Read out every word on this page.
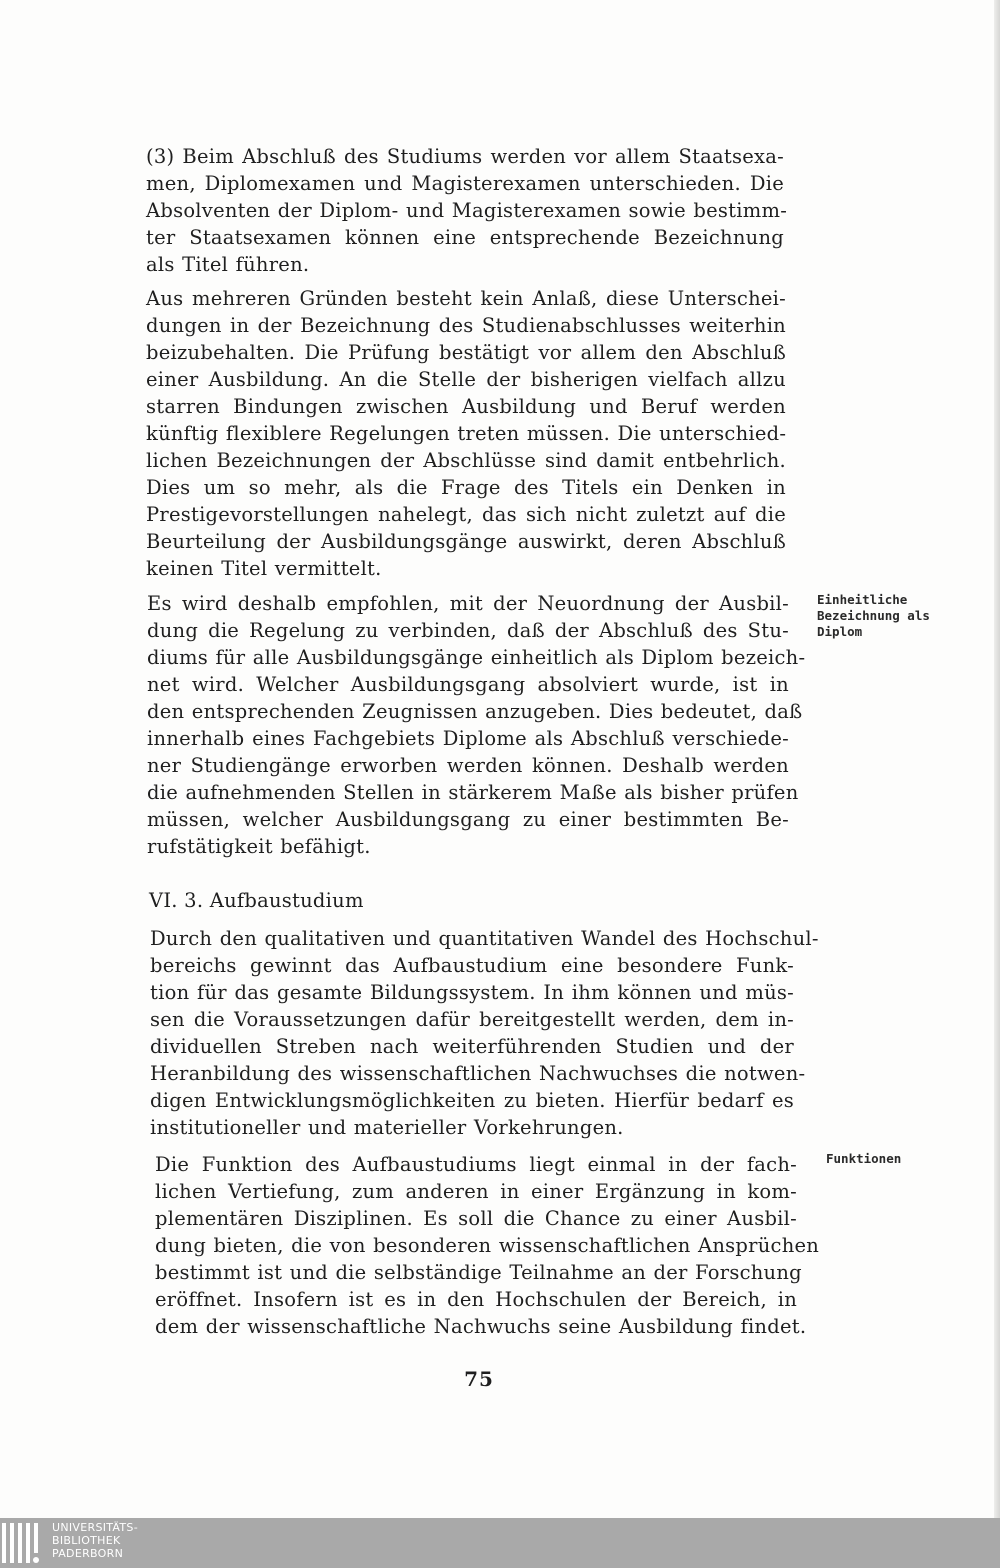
(3) Beim Abschluß des Studiums werden vor allem Staatsexa-
men, Diplomexamen und Magisterexamen unterschieden. Die
Absolventen der Diplom- und Magisterexamen sowie bestimm-
ter Staatsexamen können eine entsprechende Bezeichnung
als Titel führen.
Aus mehreren Gründen besteht kein Anlaß, diese Unterschei-
dungen in der Bezeichnung des Studienabschlusses weiterhin
beizubehalten. Die Prüfung bestätigt vor allem den Abschluß
einer Ausbildung. An die Stelle der bisherigen vielfach allzu
starren Bindungen zwischen Ausbildung und Beruf werden
künftig flexiblere Regelungen treten müssen. Die unterschied-
lichen Bezeichnungen der Abschlüsse sind damit entbehrlich.
Dies um so mehr, als die Frage des Titels ein Denken in
Prestigevorstellungen nahelegt, das sich nicht zuletzt auf die
Beurteilung der Ausbildungsgänge auswirkt, deren Abschluß
keinen Titel vermittelt.
Es wird deshalb empfohlen, mit der Neuordnung der Ausbil-
dung die Regelung zu verbinden, daß der Abschluß des Stu-
diums für alle Ausbildungsgänge einheitlich als Diplom bezeich-
net wird. Welcher Ausbildungsgang absolviert wurde, ist in
den entsprechenden Zeugnissen anzugeben. Dies bedeutet, daß
innerhalb eines Fachgebiets Diplome als Abschluß verschiede-
ner Studiengänge erworben werden können. Deshalb werden
die aufnehmenden Stellen in stärkerem Maße als bisher prüfen
müssen, welcher Ausbildungsgang zu einer bestimmten Be-
rufstätigkeit befähigt.
Einheitliche
Bezeichnung als
Diplom
VI. 3. Aufbaustudium
Durch den qualitativen und quantitativen Wandel des Hochschul-
bereichs gewinnt das Aufbaustudium eine besondere Funk-
tion für das gesamte Bildungssystem. In ihm können und müs-
sen die Voraussetzungen dafür bereitgestellt werden, dem in-
dividuellen Streben nach weiterführenden Studien und der
Heranbildung des wissenschaftlichen Nachwuchses die notwen-
digen Entwicklungsmöglichkeiten zu bieten. Hierfür bedarf es
institutioneller und materieller Vorkehrungen.
Die Funktion des Aufbaustudiums liegt einmal in der fach-
lichen Vertiefung, zum anderen in einer Ergänzung in kom-
plementären Disziplinen. Es soll die Chance zu einer Ausbil-
dung bieten, die von besonderen wissenschaftlichen Ansprüchen
bestimmt ist und die selbständige Teilnahme an der Forschung
eröffnet. Insofern ist es in den Hochschulen der Bereich, in
dem der wissenschaftliche Nachwuchs seine Ausbildung findet.
Funktionen
75
UNIVERSITÄTS-
BIBLIOTHEK
PADERBORN
